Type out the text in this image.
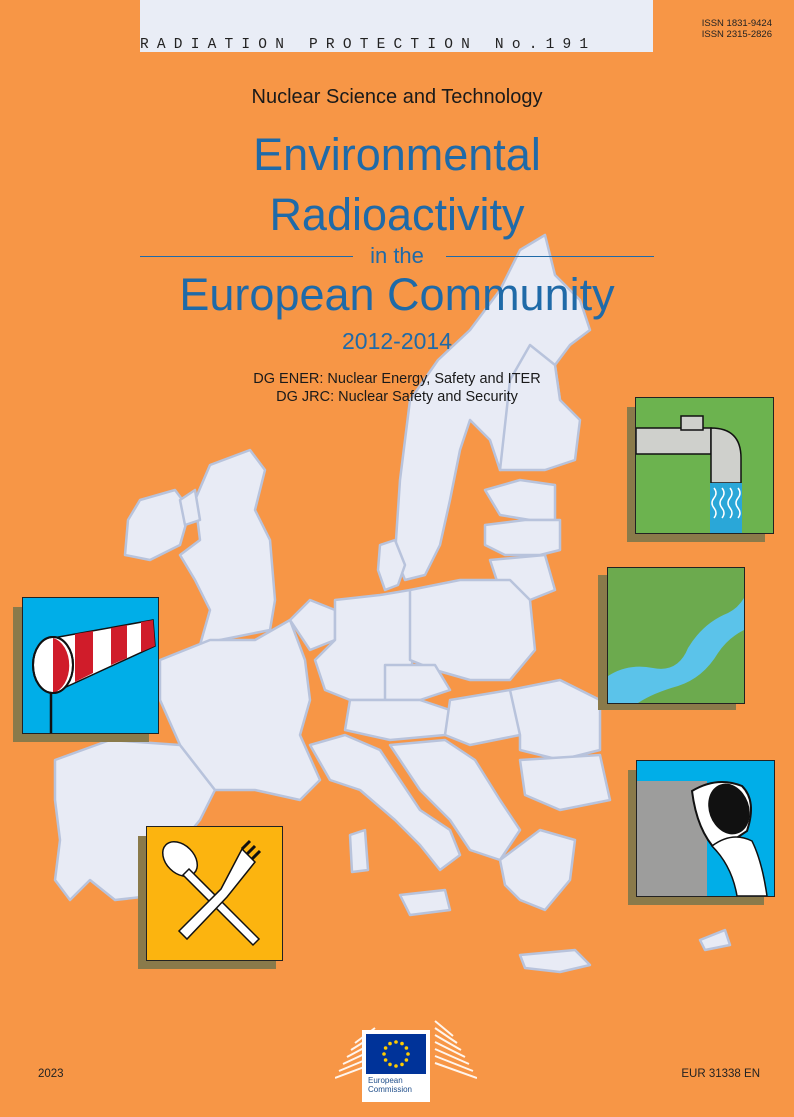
RADIATION PROTECTION No.191
ISSN 1831-9424
ISSN 2315-2826
Nuclear Science and Technology
Environmental
Radioactivity
in the
European Community
2012-2014
DG ENER: Nuclear Energy, Safety and ITER
DG JRC: Nuclear Safety and Security
2023	EUR 31338 EN
European
Commission
